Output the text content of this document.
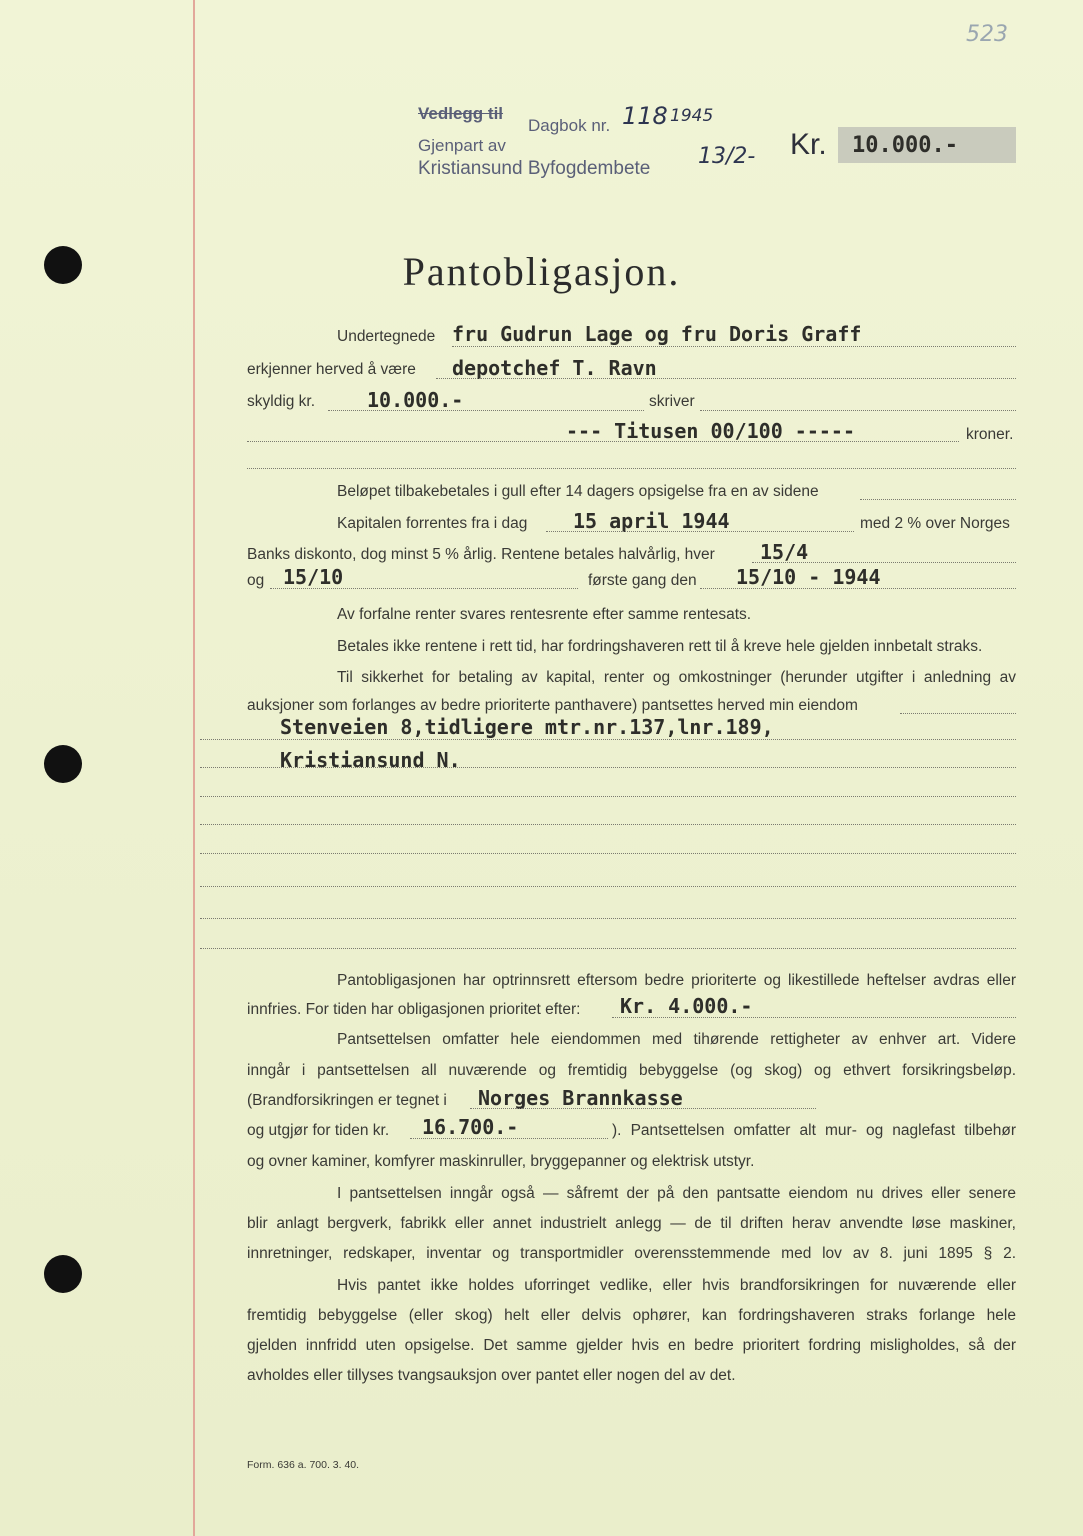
523
Vedlegg til
Dagbok nr. 118 1945
Gjenpart av
Kristiansund Byfogdembete 13/2- Kr. 10.000.-
Pantobligasjon.
Undertegnede fru Gudrun Lage og fru Doris Graff
erkjenner herved å være depotchef T. Ravn
skyldig kr.	10.000.-	skriver
--- Titusen 00/100 -----	kroner.
Beløpet tilbakebetales i gull efter 14 dagers opsigelse fra en av sidene
Kapitalen forrentes fra i dag 15 april 1944	med 2 % over Norges
Banks diskonto, dog minst 5 % årlig. Rentene betales halvårlig, hver 15/4
og 15/10	første gang den 15/10 - 1944
Av forfalne renter svares rentesrente efter samme rentesats.
Betales ikke rentene i rett tid, har fordringshaveren rett til å kreve hele gjelden innbetalt straks.
Til sikkerhet for betaling av kapital, renter og omkostninger (herunder utgifter i anledning av
auksjoner som forlanges av bedre prioriterte panthavere) pantsettes herved min eiendom
Stenveien 8,tidligere mtr.nr.137,lnr.189,
Kristiansund N.
Pantobligasjonen har optrinnsrett eftersom bedre prioriterte og likestillede heftelser avdras eller
innfries. For tiden har obligasjonen prioritet efter: Kr. 4.000.-
Pantsettelsen omfatter hele eiendommen med tihørende rettigheter av enhver art. Videre
inngår i pantsettelsen all nuværende og fremtidig bebyggelse (og skog) og ethvert forsikringsbeløp.
(Brandforsikringen er tegnet i Norges Brannkasse
og utgjør for tiden kr. 16.700.-	). Pantsettelsen omfatter alt mur- og naglefast tilbehør
og ovner kaminer, komfyrer maskinruller, bryggepanner og elektrisk utstyr.
I pantsettelsen inngår også — såfremt der på den pantsatte eiendom nu drives eller senere
blir anlagt bergverk, fabrikk eller annet industrielt anlegg — de til driften herav anvendte løse maskiner,
innretninger, redskaper, inventar og transportmidler overensstemmende med lov av 8. juni 1895 § 2.
Hvis pantet ikke holdes uforringet vedlike, eller hvis brandforsikringen for nuværende eller
fremtidig bebyggelse (eller skog) helt eller delvis ophører, kan fordringshaveren straks forlange hele
gjelden innfridd uten opsigelse. Det samme gjelder hvis en bedre prioritert fordring misligholdes, så der
avholdes eller tillyses tvangsauksjon over pantet eller nogen del av det.
Form. 636 a. 700. 3. 40.
